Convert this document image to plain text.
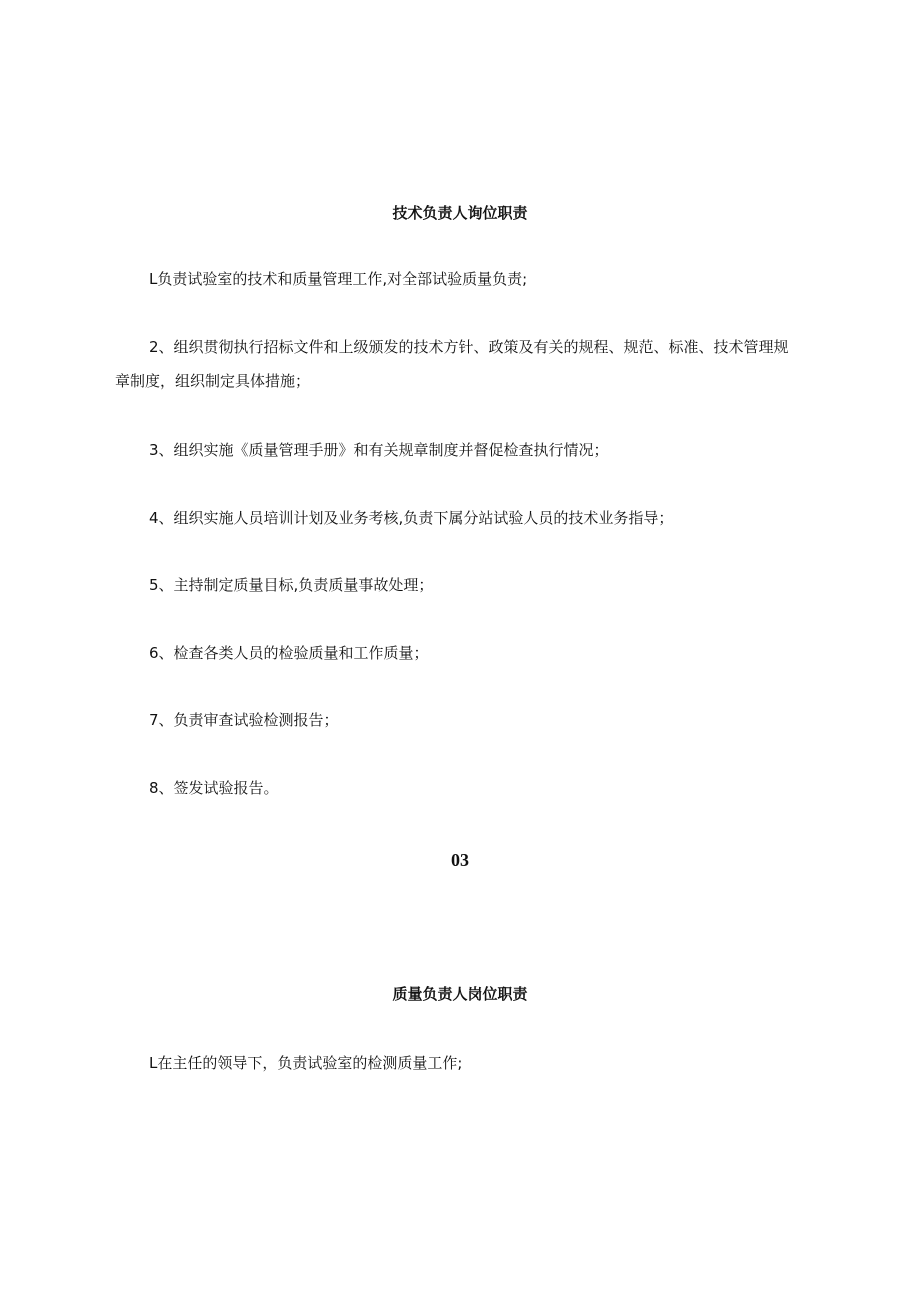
技术负责人询位职责
L负责试验室的技术和质量管理工作,对全部试验质量负责;
2、组织贯彻执行招标文件和上级颁发的技术方针、政策及有关的规程、规范、标准、技术管理规章制度，组织制定具体措施；
3、组织实施《质量管理手册》和有关规章制度并督促检查执行情况；
4、组织实施人员培训计划及业务考核,负责下属分站试验人员的技术业务指导；
5、主持制定质量目标,负责质量事故处理；
6、检查各类人员的检验质量和工作质量；
7、负责审查试验检测报告；
8、签发试验报告。
03
质量负责人岗位职责
L在主任的领导下，负责试验室的检测质量工作;
